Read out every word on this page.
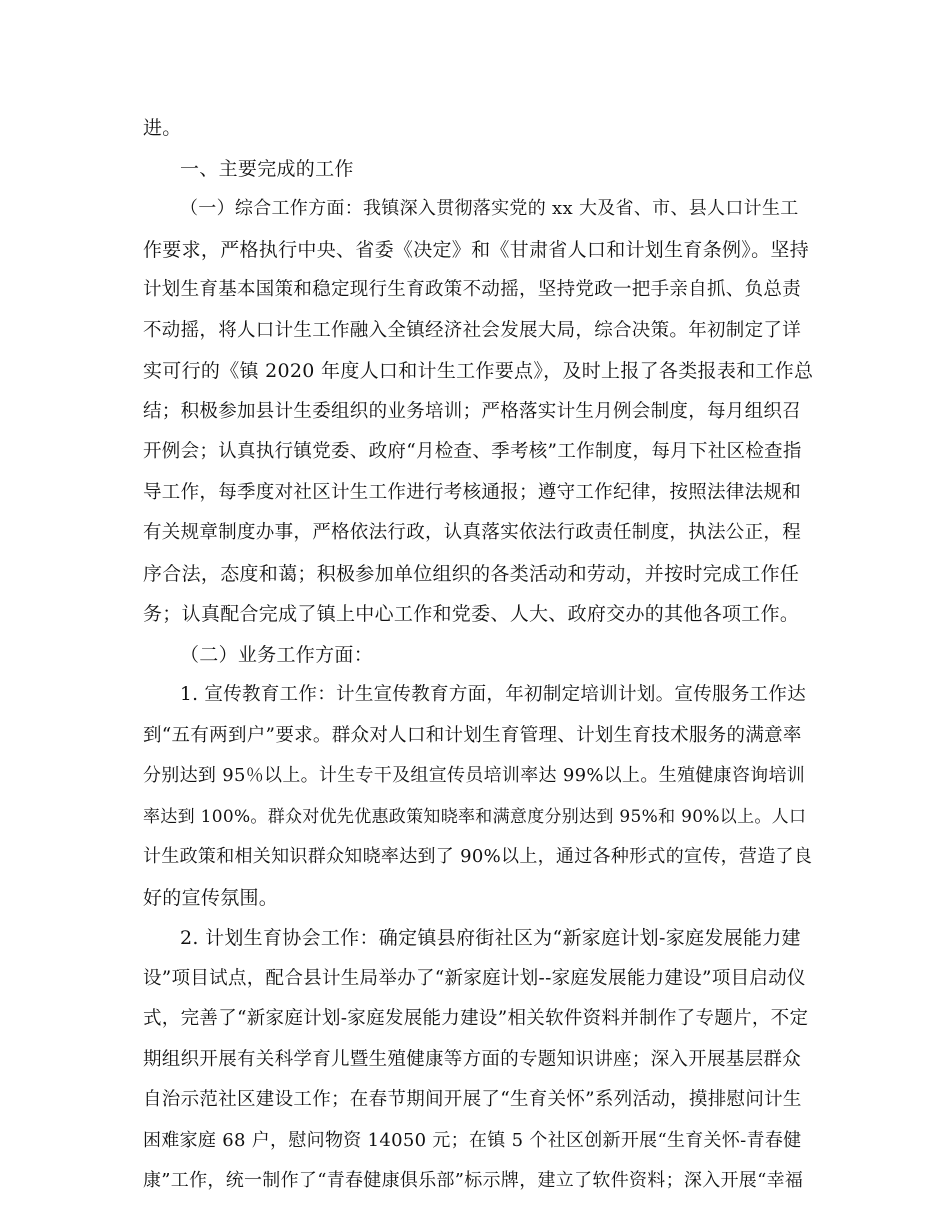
进。
一、主要完成的工作
（一）综合工作方面：我镇深入贯彻落实党的 xx 大及省、市、县人口计生工
作要求，严格执行中央、省委《决定》和《甘肃省人口和计划生育条例》。坚持
计划生育基本国策和稳定现行生育政策不动摇，坚持党政一把手亲自抓、负总责
不动摇，将人口计生工作融入全镇经济社会发展大局，综合决策。年初制定了详
实可行的《镇 2020 年度人口和计生工作要点》，及时上报了各类报表和工作总
结；积极参加县计生委组织的业务培训；严格落实计生月例会制度，每月组织召
开例会；认真执行镇党委、政府“月检查、季考核”工作制度，每月下社区检查指
导工作，每季度对社区计生工作进行考核通报；遵守工作纪律，按照法律法规和
有关规章制度办事，严格依法行政，认真落实依法行政责任制度，执法公正，程
序合法，态度和蔼；积极参加单位组织的各类活动和劳动，并按时完成工作任
务；认真配合完成了镇上中心工作和党委、人大、政府交办的其他各项工作。
（二）业务工作方面：
1. 宣传教育工作：计生宣传教育方面，年初制定培训计划。宣传服务工作达
到“五有两到户”要求。群众对人口和计划生育管理、计划生育技术服务的满意率
分别达到 95％以上。计生专干及组宣传员培训率达 99%以上。生殖健康咨询培训
率达到 100%。群众对优先优惠政策知晓率和满意度分别达到 95%和 90%以上。人口
计生政策和相关知识群众知晓率达到了 90%以上，通过各种形式的宣传，营造了良
好的宣传氛围。
2. 计划生育协会工作：确定镇县府街社区为“新家庭计划-家庭发展能力建
设”项目试点，配合县计生局举办了“新家庭计划--家庭发展能力建设”项目启动仪
式，完善了“新家庭计划-家庭发展能力建设”相关软件资料并制作了专题片，不定
期组织开展有关科学育儿暨生殖健康等方面的专题知识讲座；深入开展基层群众
自治示范社区建设工作；在春节期间开展了“生育关怀”系列活动，摸排慰问计生
困难家庭 68 户，慰问物资 14050 元；在镇 5 个社区创新开展“生育关怀-青春健
康”工作，统一制作了“青春健康俱乐部”标示牌，建立了软件资料；深入开展“幸福
